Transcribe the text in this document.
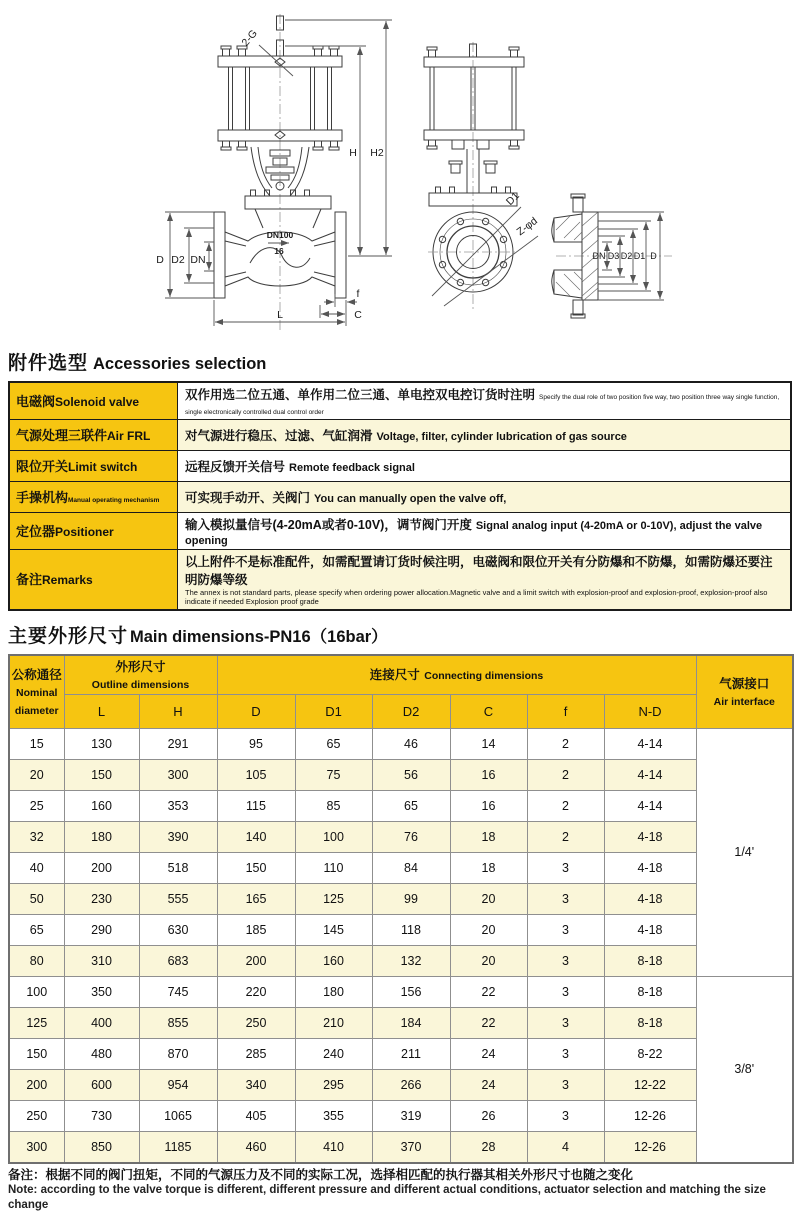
DN100
16
2-G
H H2
D D2 DN
L
f
C
D1
Z-φd
DN D3 D2 D1 D
附件选型 Accessories selection
电磁阀Solenoid valve	双作用选二位五通、单作用二位三通、单电控双电控订货时注明 Specify the dual role of two position five way, two position three way single function, single electronically controlled dual control order
气源处理三联件Air FRL	对气源进行稳压、过滤、气缸润滑 Voltage, filter, cylinder lubrication of gas source
限位开关Limit switch	远程反馈开关信号 Remote feedback signal
手操机构Manual operating mechanism	可实现手动开、关阀门 You can manually open the valve off,
定位器Positioner	输入模拟量信号(4-20mA或者0-10V)，调节阀门开度 Signal analog input (4-20mA or 0-10V), adjust the valve opening
备注Remarks	以上附件不是标准配件，如需配置请订货时候注明，电磁阀和限位开关有分防爆和不防爆，如需防爆还要注明防爆等级
The annex is not standard parts, please specify when ordering power allocation.Magnetic valve and a limit switch with explosion-proof and explosion-proof, explosion-proof also indicate if needed Explosion proof grade
主要外形尺寸 Main dimensions-PN16（16bar）
公称通径
Nominal diameter	外形尺寸
Outline dimensions		连接尺寸 Connecting dimensions						气源接口
Air interface
	L	H	D	D1	D2	C	f	N-D	
15	130	291	95	65	46	14	2	4-14	1/4'
20	150	300	105	75	56	16	2	4-14	
25	160	353	115	85	65	16	2	4-14	
32	180	390	140	100	76	18	2	4-18	
40	200	518	150	110	84	18	3	4-18	
50	230	555	165	125	99	20	3	4-18	
65	290	630	185	145	118	20	3	4-18	
80	310	683	200	160	132	20	3	8-18	
100	350	745	220	180	156	22	3	8-18	3/8'
125	400	855	250	210	184	22	3	8-18	
150	480	870	285	240	211	24	3	8-22	
200	600	954	340	295	266	24	3	12-22	
250	730	1065	405	355	319	26	3	12-26	
300	850	1185	460	410	370	28	4	12-26	
备注：根据不同的阀门扭矩，不同的气源压力及不同的实际工况，选择相匹配的执行器其相关外形尺寸也随之变化
Note: according to the valve torque is different, different pressure and different actual conditions, actuator selection and matching the size change
